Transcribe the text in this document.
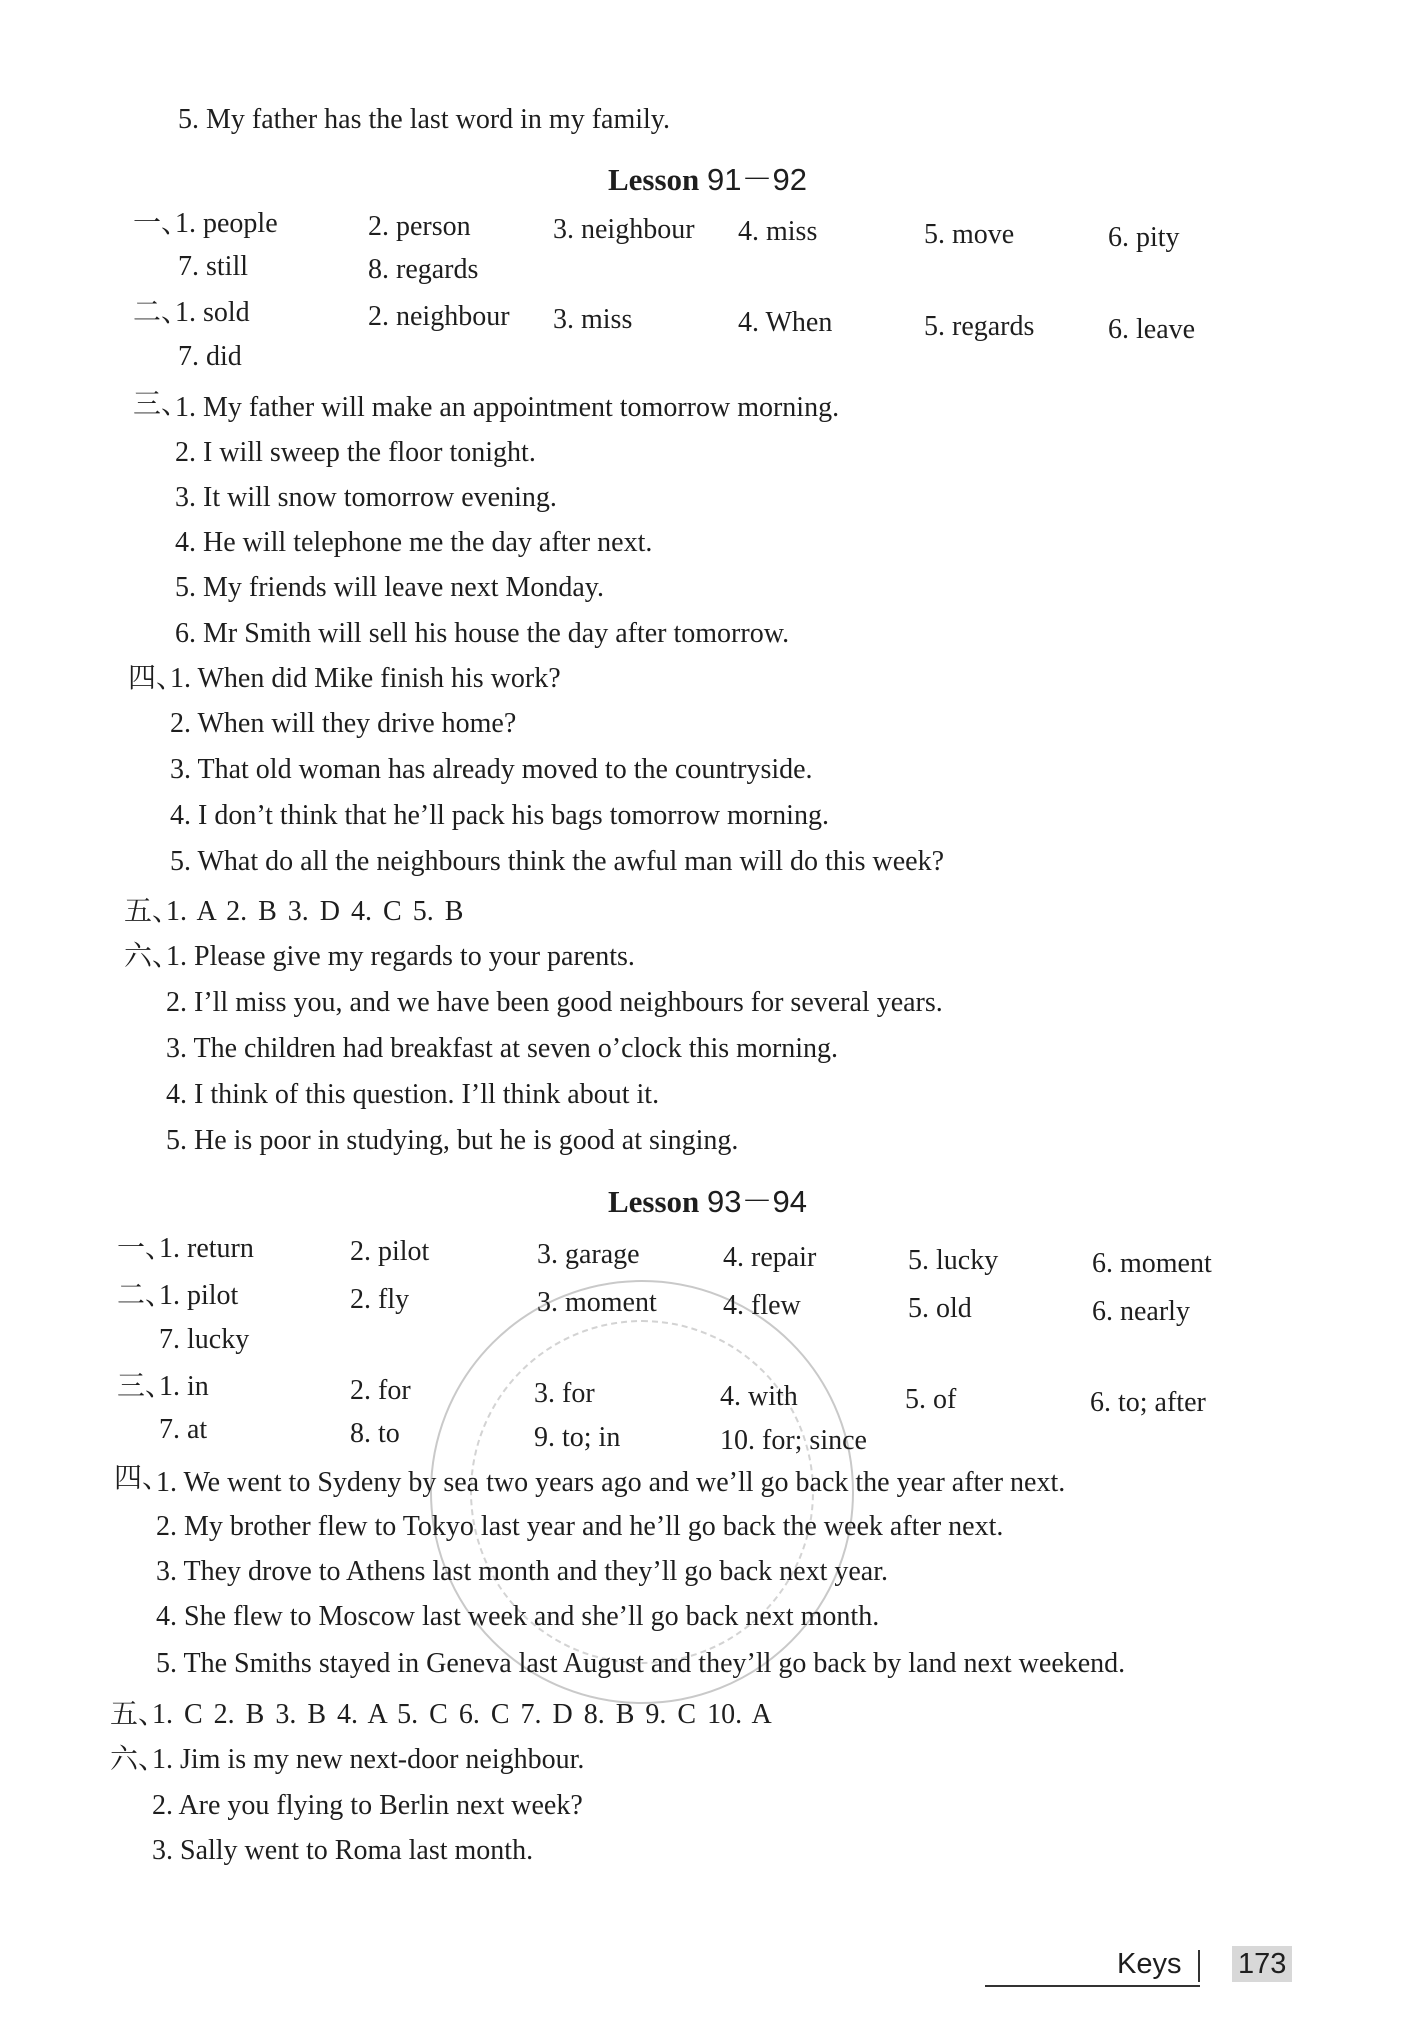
5. My father has the last word in my family.
Lesson 91－92
一、
1. people	2. person	3. neighbour 4. miss	5. move	6. pity
7. still	8. regards
二、
1. sold	2. neighbour 3. miss	4. When	5. regards	6. leave
7. did
三、
1. My father will make an appointment tomorrow morning.
2. I will sweep the floor tonight.
3. It will snow tomorrow evening.
4. He will telephone me the day after next.
5. My friends will leave next Monday.
6. Mr Smith will sell his house the day after tomorrow.
四、
1. When did Mike finish his work?
2. When will they drive home?
3. That old woman has already moved to the countryside.
4. I don’t think that he’ll pack his bags tomorrow morning.
5. What do all the neighbours think the awful man will do this week?
五、
1. A 2. B 3. D 4. C 5. B
六、
1. Please give my regards to your parents.
2. I’ll miss you, and we have been good neighbours for several years.
3. The children had breakfast at seven o’clock this morning.
4. I think of this question. I’ll think about it.
5. He is poor in studying, but he is good at singing.
Lesson 93－94
一、
1. return	2. pilot	3. garage	4. repair	5. lucky	6. moment
二、
1. pilot	2. fly	3. moment 4. flew	5. old	6. nearly
7. lucky
三、
1. in	2. for	3. for	4. with	5. of	6. to; after
7. at	8. to	9. to; in	10. for; since
四、
1. We went to Sydeny by sea two years ago and we’ll go back the year after next.
2. My brother flew to Tokyo last year and he’ll go back the week after next.
3. They drove to Athens last month and they’ll go back next year.
4. She flew to Moscow last week and she’ll go back next month.
5. The Smiths stayed in Geneva last August and they’ll go back by land next weekend.
五、
1. C 2. B 3. B 4. A 5. C 6. C 7. D 8. B 9. C 10. A
六、
1. Jim is my new next-door neighbour.
2. Are you flying to Berlin next week?
3. Sally went to Roma last month.
Keys 173
